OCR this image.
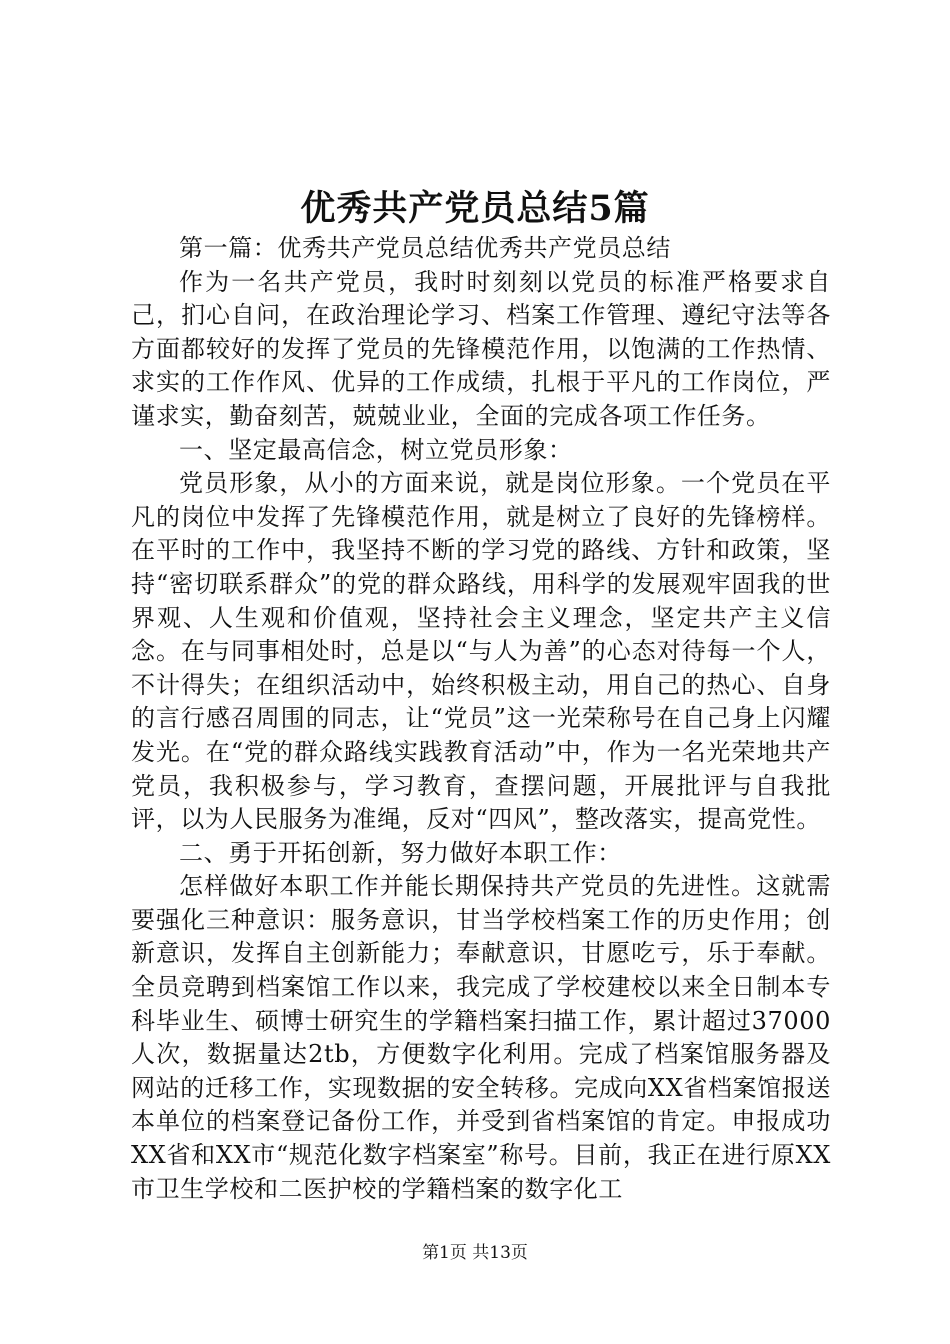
优秀共产党员总结5篇

第一篇：优秀共产党员总结优秀共产党员总结

作为一名共产党员，我时时刻刻以党员的标准严格要求自己，扪心自问，在政治理论学习、档案工作管理、遵纪守法等各方面都较好的发挥了党员的先锋模范作用，以饱满的工作热情、求实的工作作风、优异的工作成绩，扎根于平凡的工作岗位，严谨求实，勤奋刻苦，兢兢业业，全面的完成各项工作任务。

一、坚定最高信念，树立党员形象：

党员形象，从小的方面来说，就是岗位形象。一个党员在平凡的岗位中发挥了先锋模范作用，就是树立了良好的先锋榜样。在平时的工作中，我坚持不断的学习党的路线、方针和政策，坚持“密切联系群众”的党的群众路线，用科学的发展观牢固我的世界观、人生观和价值观，坚持社会主义理念，坚定共产主义信念。在与同事相处时，总是以“与人为善”的心态对待每一个人，不计得失；在组织活动中，始终积极主动，用自己的热心、自身的言行感召周围的同志，让“党员”这一光荣称号在自己身上闪耀发光。在“党的群众路线实践教育活动”中，作为一名光荣地共产党员，我积极参与，学习教育，查摆问题，开展批评与自我批评，以为人民服务为准绳，反对“四风”，整改落实，提高党性。

二、勇于开拓创新，努力做好本职工作：

怎样做好本职工作并能长期保持共产党员的先进性。这就需要强化三种意识：服务意识，甘当学校档案工作的历史作用；创新意识，发挥自主创新能力；奉献意识，甘愿吃亏，乐于奉献。全员竞聘到档案馆工作以来，我完成了学校建校以来全日制本专科毕业生、硕博士研究生的学籍档案扫描工作，累计超过37000人次，数据量达2tb，方便数字化利用。完成了档案馆服务器及网站的迁移工作，实现数据的安全转移。完成向XX省档案馆报送本单位的档案登记备份工作，并受到省档案馆的肯定。申报成功XX省和XX市“规范化数字档案室”称号。目前，我正在进行原XX市卫生学校和二医护校的学籍档案的数字化工

第1页 共13页
